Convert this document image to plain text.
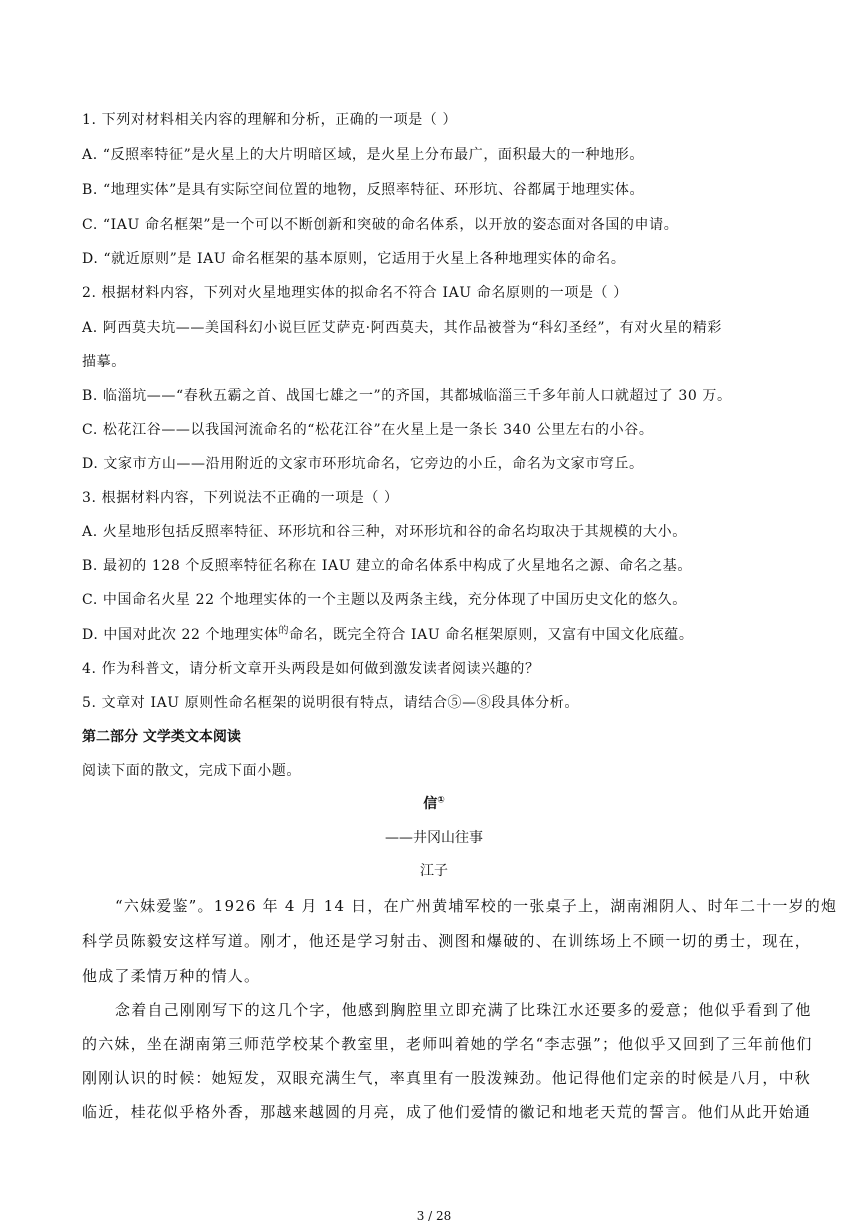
1. 下列对材料相关内容的理解和分析，正确的一项是（ ）
A. “反照率特征”是火星上的大片明暗区域，是火星上分布最广，面积最大的一种地形。
B. “地理实体”是具有实际空间位置的地物，反照率特征、环形坑、谷都属于地理实体。
C. “IAU 命名框架”是一个可以不断创新和突破的命名体系，以开放的姿态面对各国的申请。
D. “就近原则”是 IAU 命名框架的基本原则，它适用于火星上各种地理实体的命名。
2. 根据材料内容，下列对火星地理实体的拟命名不符合 IAU 命名原则的一项是（ ）
A. 阿西莫夫坑——美国科幻小说巨匠艾萨克·阿西莫夫，其作品被誉为“科幻圣经”，有对火星的精彩
描摹。
B. 临淄坑——“春秋五霸之首、战国七雄之一”的齐国，其都城临淄三千多年前人口就超过了 30 万。
C. 松花江谷——以我国河流命名的“松花江谷”在火星上是一条长 340 公里左右的小谷。
D. 文家市方山——沿用附近的文家市环形坑命名，它旁边的小丘，命名为文家市穹丘。
3. 根据材料内容，下列说法不正确的一项是（ ）
A. 火星地形包括反照率特征、环形坑和谷三种，对环形坑和谷的命名均取决于其规模的大小。
B. 最初的 128 个反照率特征名称在 IAU 建立的命名体系中构成了火星地名之源、命名之基。
C. 中国命名火星 22 个地理实体的一个主题以及两条主线，充分体现了中国历史文化的悠久。
D. 中国对此次 22 个地理实体$^的$命名，既完全符合 IAU 命名框架原则，又富有中国文化底蕴。
4. 作为科普文，请分析文章开头两段是如何做到激发读者阅读兴趣的？
5. 文章对 IAU 原则性命名框架的说明很有特点，请结合⑤—⑧段具体分析。
第二部分 文学类文本阅读
阅读下面的散文，完成下面小题。
信①
——井冈山往事
江子
“六妹爱鉴”。1926 年 4 月 14 日，在广州黄埔军校的一张桌子上，湖南湘阴人、时年二十一岁的炮
科学员陈毅安这样写道。刚才，他还是学习射击、测图和爆破的、在训练场上不顾一切的勇士，现在，
他成了柔情万种的情人。
念着自己刚刚写下的这几个字，他感到胸腔里立即充满了比珠江水还要多的爱意；他似乎看到了他
的六妹，坐在湖南第三师范学校某个教室里，老师叫着她的学名“李志强”；他似乎又回到了三年前他们
刚刚认识的时候：她短发，双眼充满生气，率真里有一股泼辣劲。他记得他们定亲的时候是八月，中秋
临近，桂花似乎格外香，那越来越圆的月亮，成了他们爱情的徽记和地老天荒的誓言。他们从此开始通
3 / 28
